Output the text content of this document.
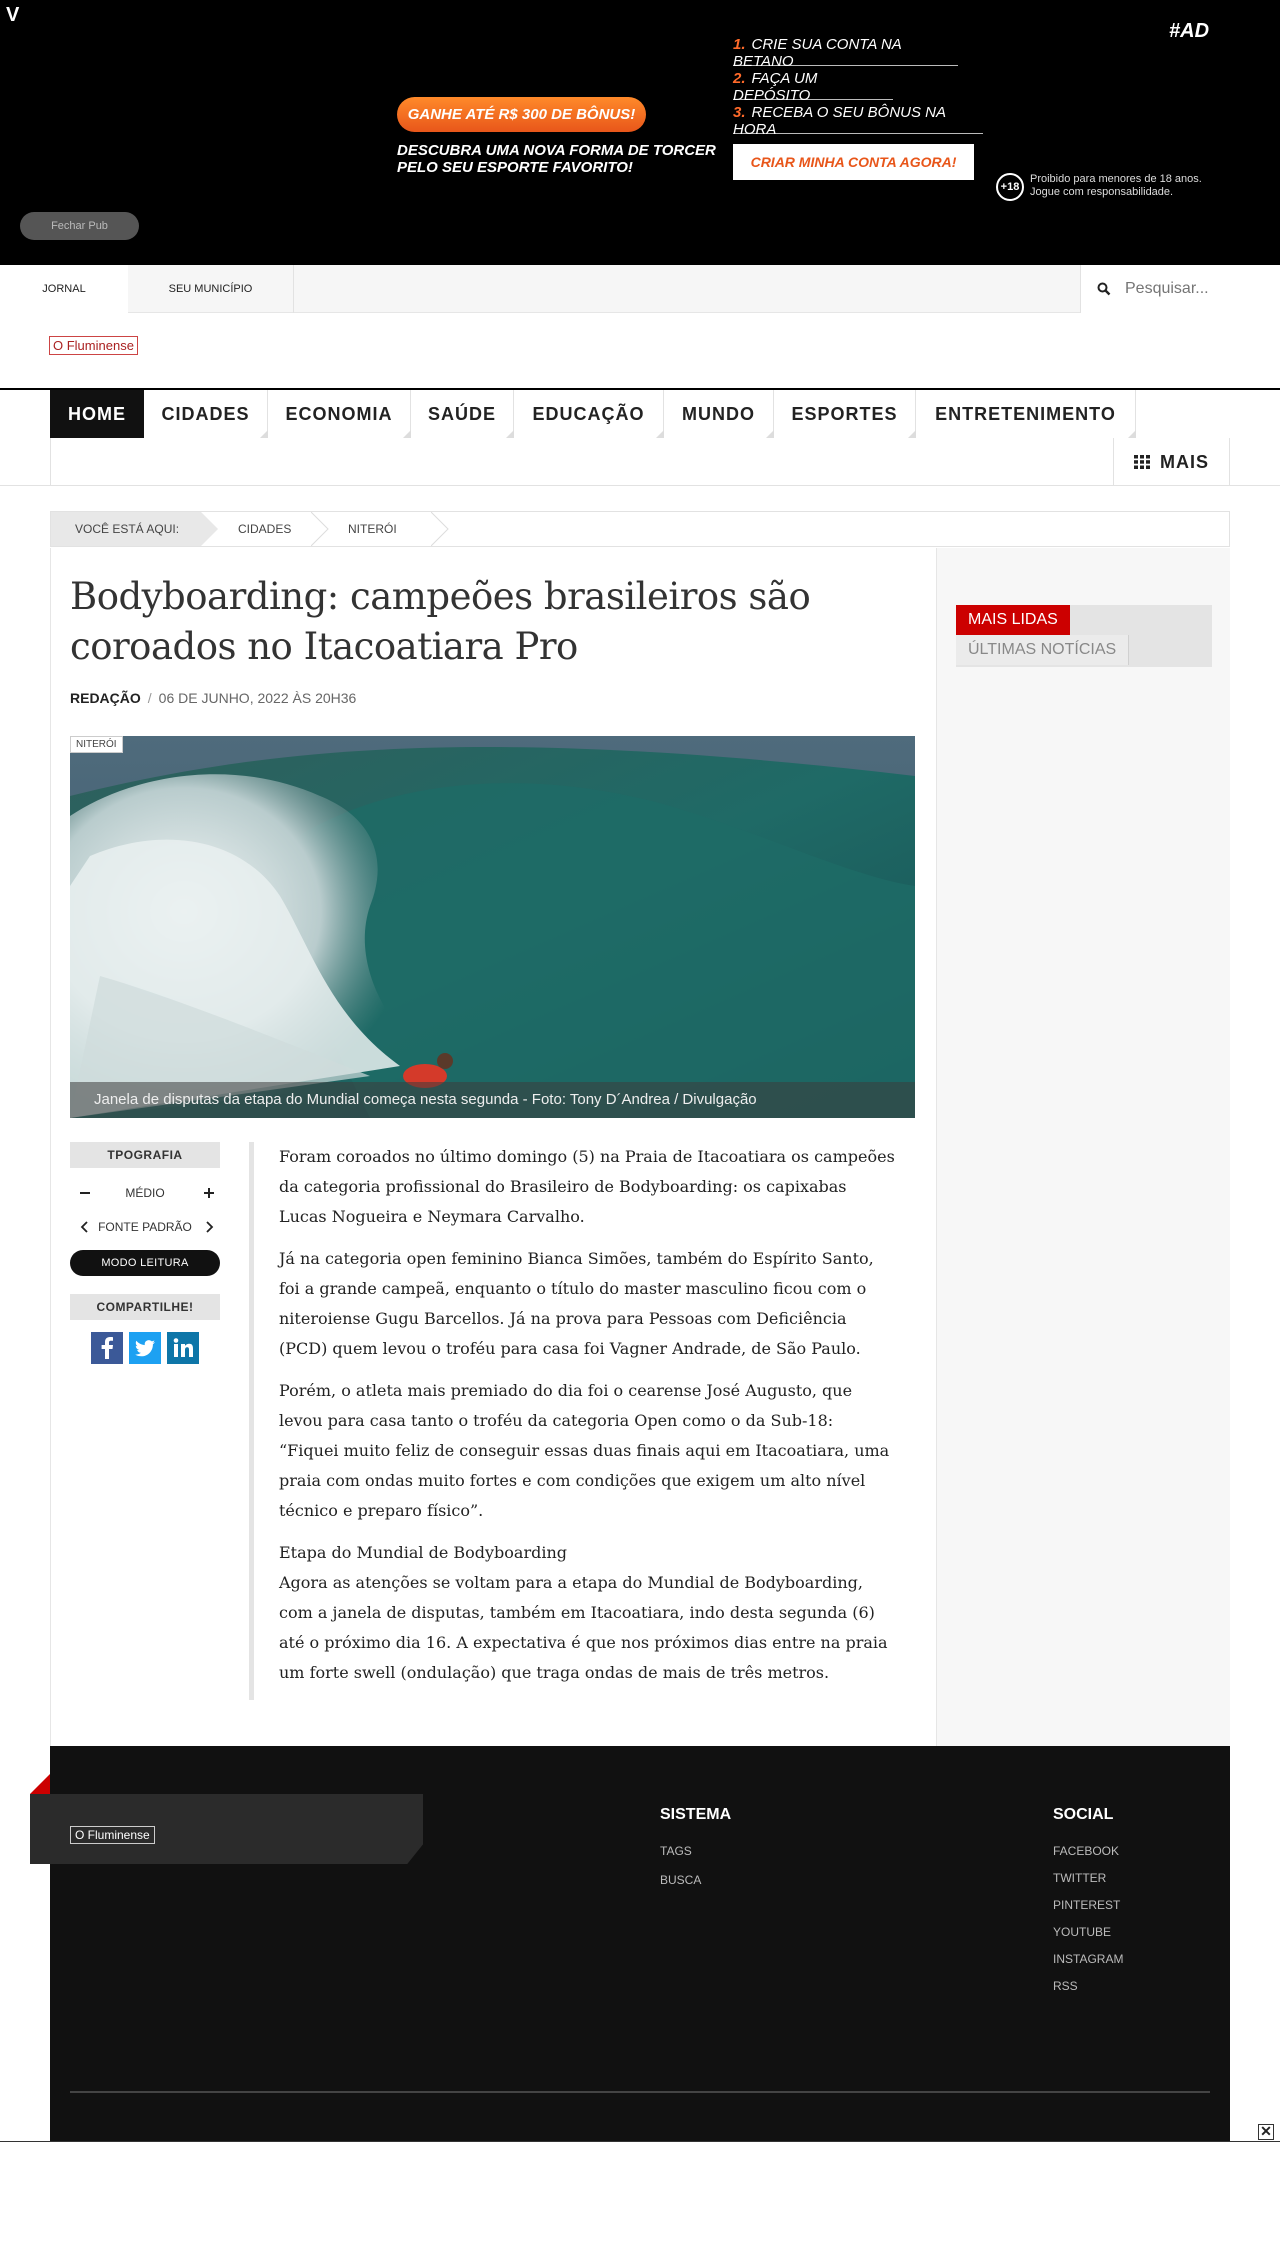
V
#AD
GANHE ATÉ R$ 300 DE BÔNUS!
DESCUBRA UMA NOVA FORMA DE TORCER PELO SEU ESPORTE FAVORITO!
1. CRIE SUA CONTA NA BETANO
2. FAÇA UM DEPÓSITO
3. RECEBA O SEU BÔNUS NA HORA
CRIAR MINHA CONTA AGORA!
+18
Proibido para menores de 18 anos.
Jogue com responsabilidade.
Fechar Pub
JORNAL	SEU MUNICÍPIO
Pesquisar...
O Fluminense
HOME	CIDADES	ECONOMIA	SAÚDE	EDUCAÇÃO	MUNDO	ESPORTES	ENTRETENIMENTO
MAIS
VOCÊ ESTÁ AQUI:	CIDADES	NITERÓI
MAIS LIDAS
ÚLTIMAS NOTÍCIAS
Bodyboarding: campeões brasileiros são coroados no Itacoatiara Pro
REDAÇÃO / 06 DE JUNHO, 2022 ÀS 20H36
NITERÓI
Janela de disputas da etapa do Mundial começa nesta segunda - Foto: Tony D´Andrea / Divulgação
TPOGRAFIA
MÉDIO
FONTE PADRÃO
MODO LEITURA
COMPARTILHE!

Foram coroados no último domingo (5) na Praia de Itacoatiara os campeões da categoria profissional do Brasileiro de Bodyboarding: os capixabas Lucas Nogueira e Neymara Carvalho.

Já na categoria open feminino Bianca Simões, também do Espírito Santo, foi a grande campeã, enquanto o título do master masculino ficou com o niteroiense Gugu Barcellos. Já na prova para Pessoas com Deficiência (PCD) quem levou o troféu para casa foi Vagner Andrade, de São Paulo.

Porém, o atleta mais premiado do dia foi o cearense José Augusto, que levou para casa tanto o troféu da categoria Open como o da Sub-18: “Fiquei muito feliz de conseguir essas duas finais aqui em Itacoatiara, uma praia com ondas muito fortes e com condições que exigem um alto nível técnico e preparo físico”.

Etapa do Mundial de Bodyboarding

Agora as atenções se voltam para a etapa do Mundial de Bodyboarding, com a janela de disputas, também em Itacoatiara, indo desta segunda (6) até o próximo dia 16. A expectativa é que nos próximos dias entre na praia um forte swell (ondulação) que traga ondas de mais de três metros.

O Fluminense
SISTEMA
TAGS
BUSCA
SOCIAL
FACEBOOK
TWITTER
PINTEREST
YOUTUBE
INSTAGRAM
RSS
✕
